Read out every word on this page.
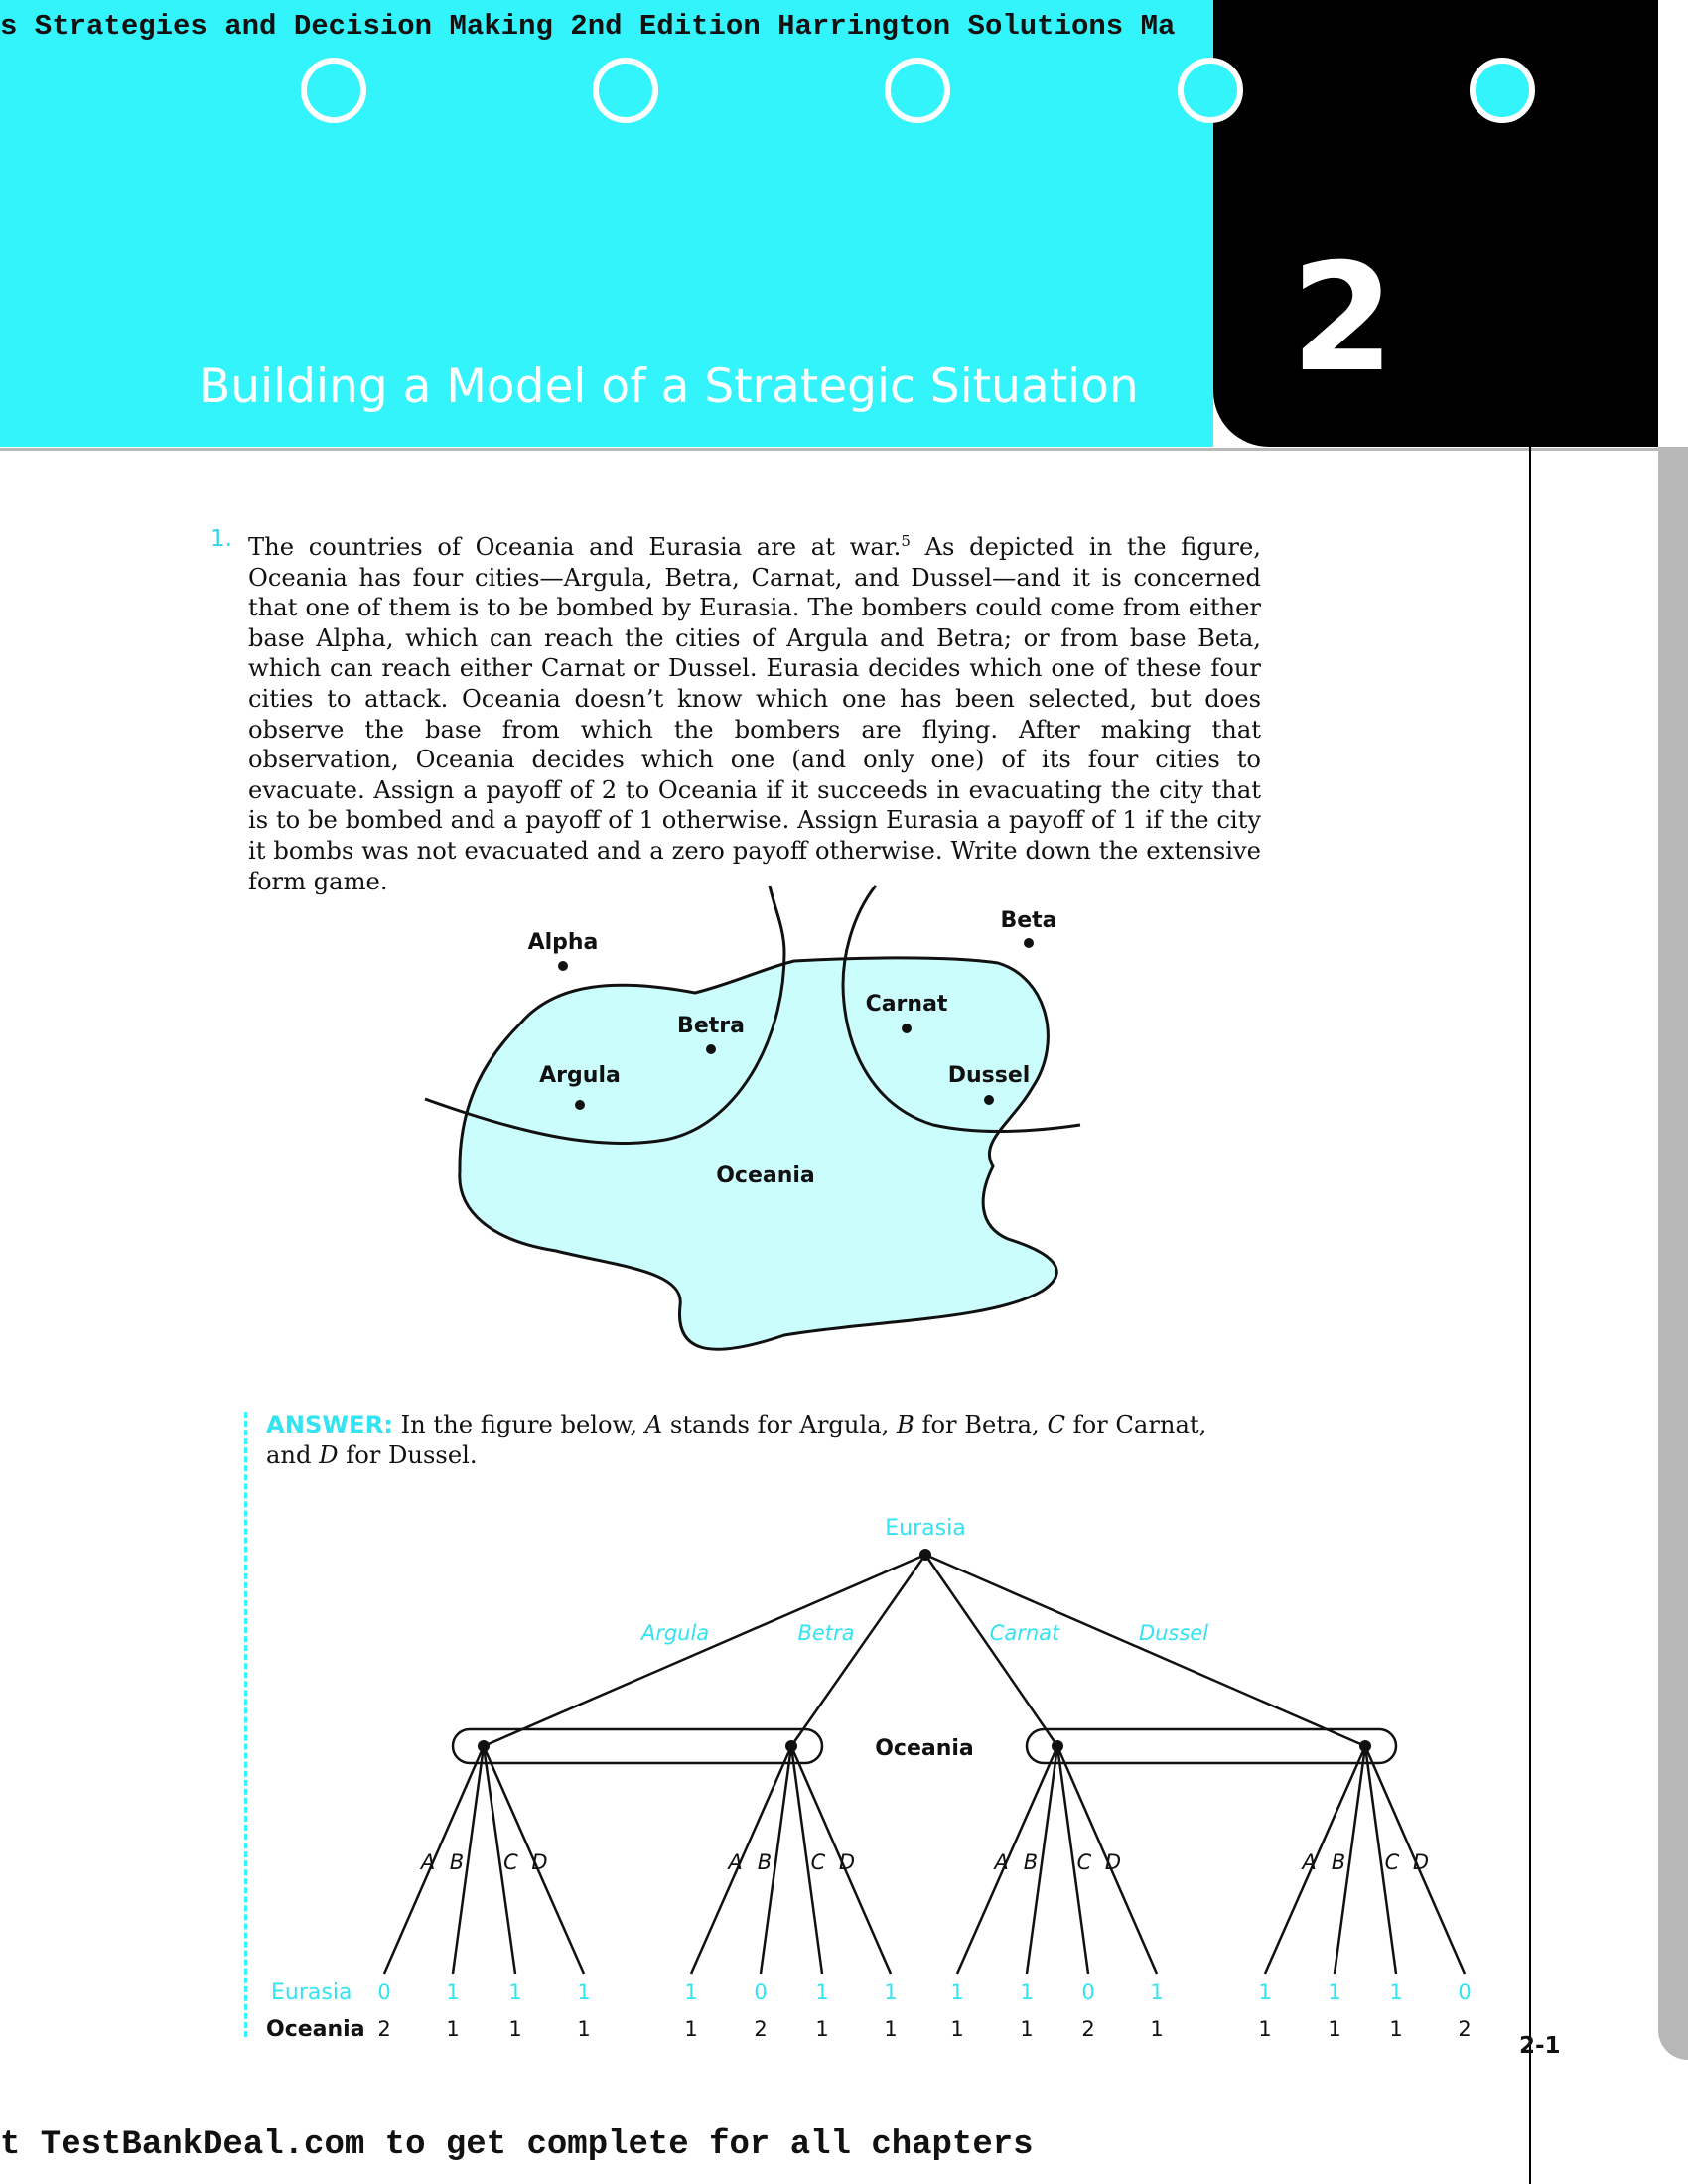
2
s Strategies and Decision Making 2nd Edition Harrington Solutions Ma
Building a Model of a Strategic Situation
1. The countries of Oceania and Eurasia are at war.$^5$ As depicted in the figure, Oceania has four cities—Argula, Betra, Carnat, and Dussel—and it is concerned that one of them is to be bombed by Eurasia. The bombers could come from either base Alpha, which can reach the cities of Argula and Betra; or from base Beta, which can reach either Carnat or Dussel. Eurasia decides which one of these four cities to attack. Oceania doesn’t know which one has been selected, but does observe the base from which the bombers are flying. After making that observation, Oceania decides which one (and only one) of its four cities to evacuate. Assign a payoff of 2 to Oceania if it succeeds in evacuating the city that is to be bombed and a payoff of 1 otherwise. Assign Eurasia a payoff of 1 if the city it bombs was not evacuated and a zero payoff otherwise. Write down the extensive form game.
Alpha
Beta
Argula
Betra
Carnat
Dussel
Oceania
ANSWER: In the figure below, A stands for Argula, B for Betra, C for Carnat, and D for Dussel.
Eurasia
Oceania
Argula
A
0
2
B
1
1
C
1
1
D
1
1
Betra
A
1
1
B
0
2
C
1
1
D
1
1
Carnat
A
1
1
B
1
1
C
0
2
D
1
1
Dussel
A
1
1
B
1
1
C
1
1
D
0
2
Eurasia
Oceania
2-1
t TestBankDeal.com to get complete for all chapters
